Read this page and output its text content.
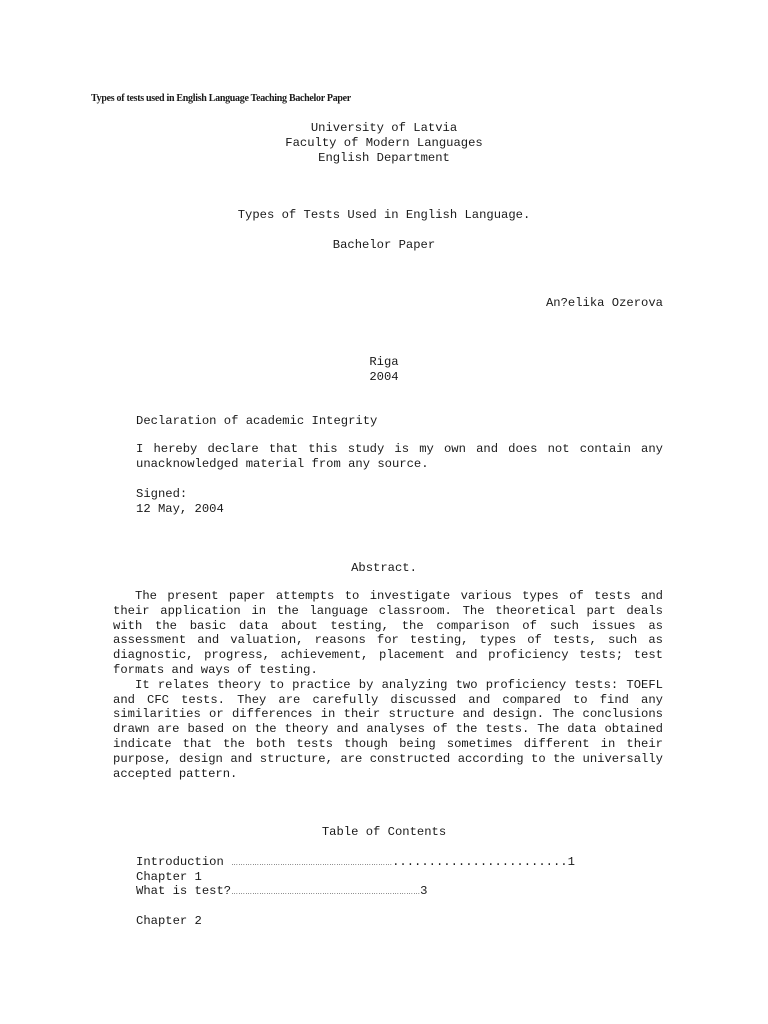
Types of tests used in English Language Teaching Bachelor Paper

University of Latvia
Faculty of Modern Languages
English Department
Types of Tests Used in English Language.
Bachelor Paper
An?elika Ozerova
Riga
2004
Declaration of academic Integrity

I hereby declare that this study is my own and does not contain any unacknowledged material from any source.

Signed:
12 May, 2004
Abstract.

The present paper attempts to investigate various types of tests and their application in the language classroom. The theoretical part deals with the basic data about testing, the comparison of such issues as assessment and valuation, reasons for testing, types of tests, such as diagnostic, progress, achievement, placement and proficiency tests; test formats and ways of testing.

It relates theory to practice by analyzing two proficiency tests: TOEFL and CFC tests. They are carefully discussed and compared to find any similarities or differences in their structure and design. The conclusions drawn are based on the theory and analyses of the tests. The data obtained indicate that the both tests though being sometimes different in their purpose, design and structure, are constructed according to the universally accepted pattern.

Table of Contents
Introduction ……………………………………………………………........................1
Chapter 1
What is test?………………………………………………………………………3
Chapter 2
